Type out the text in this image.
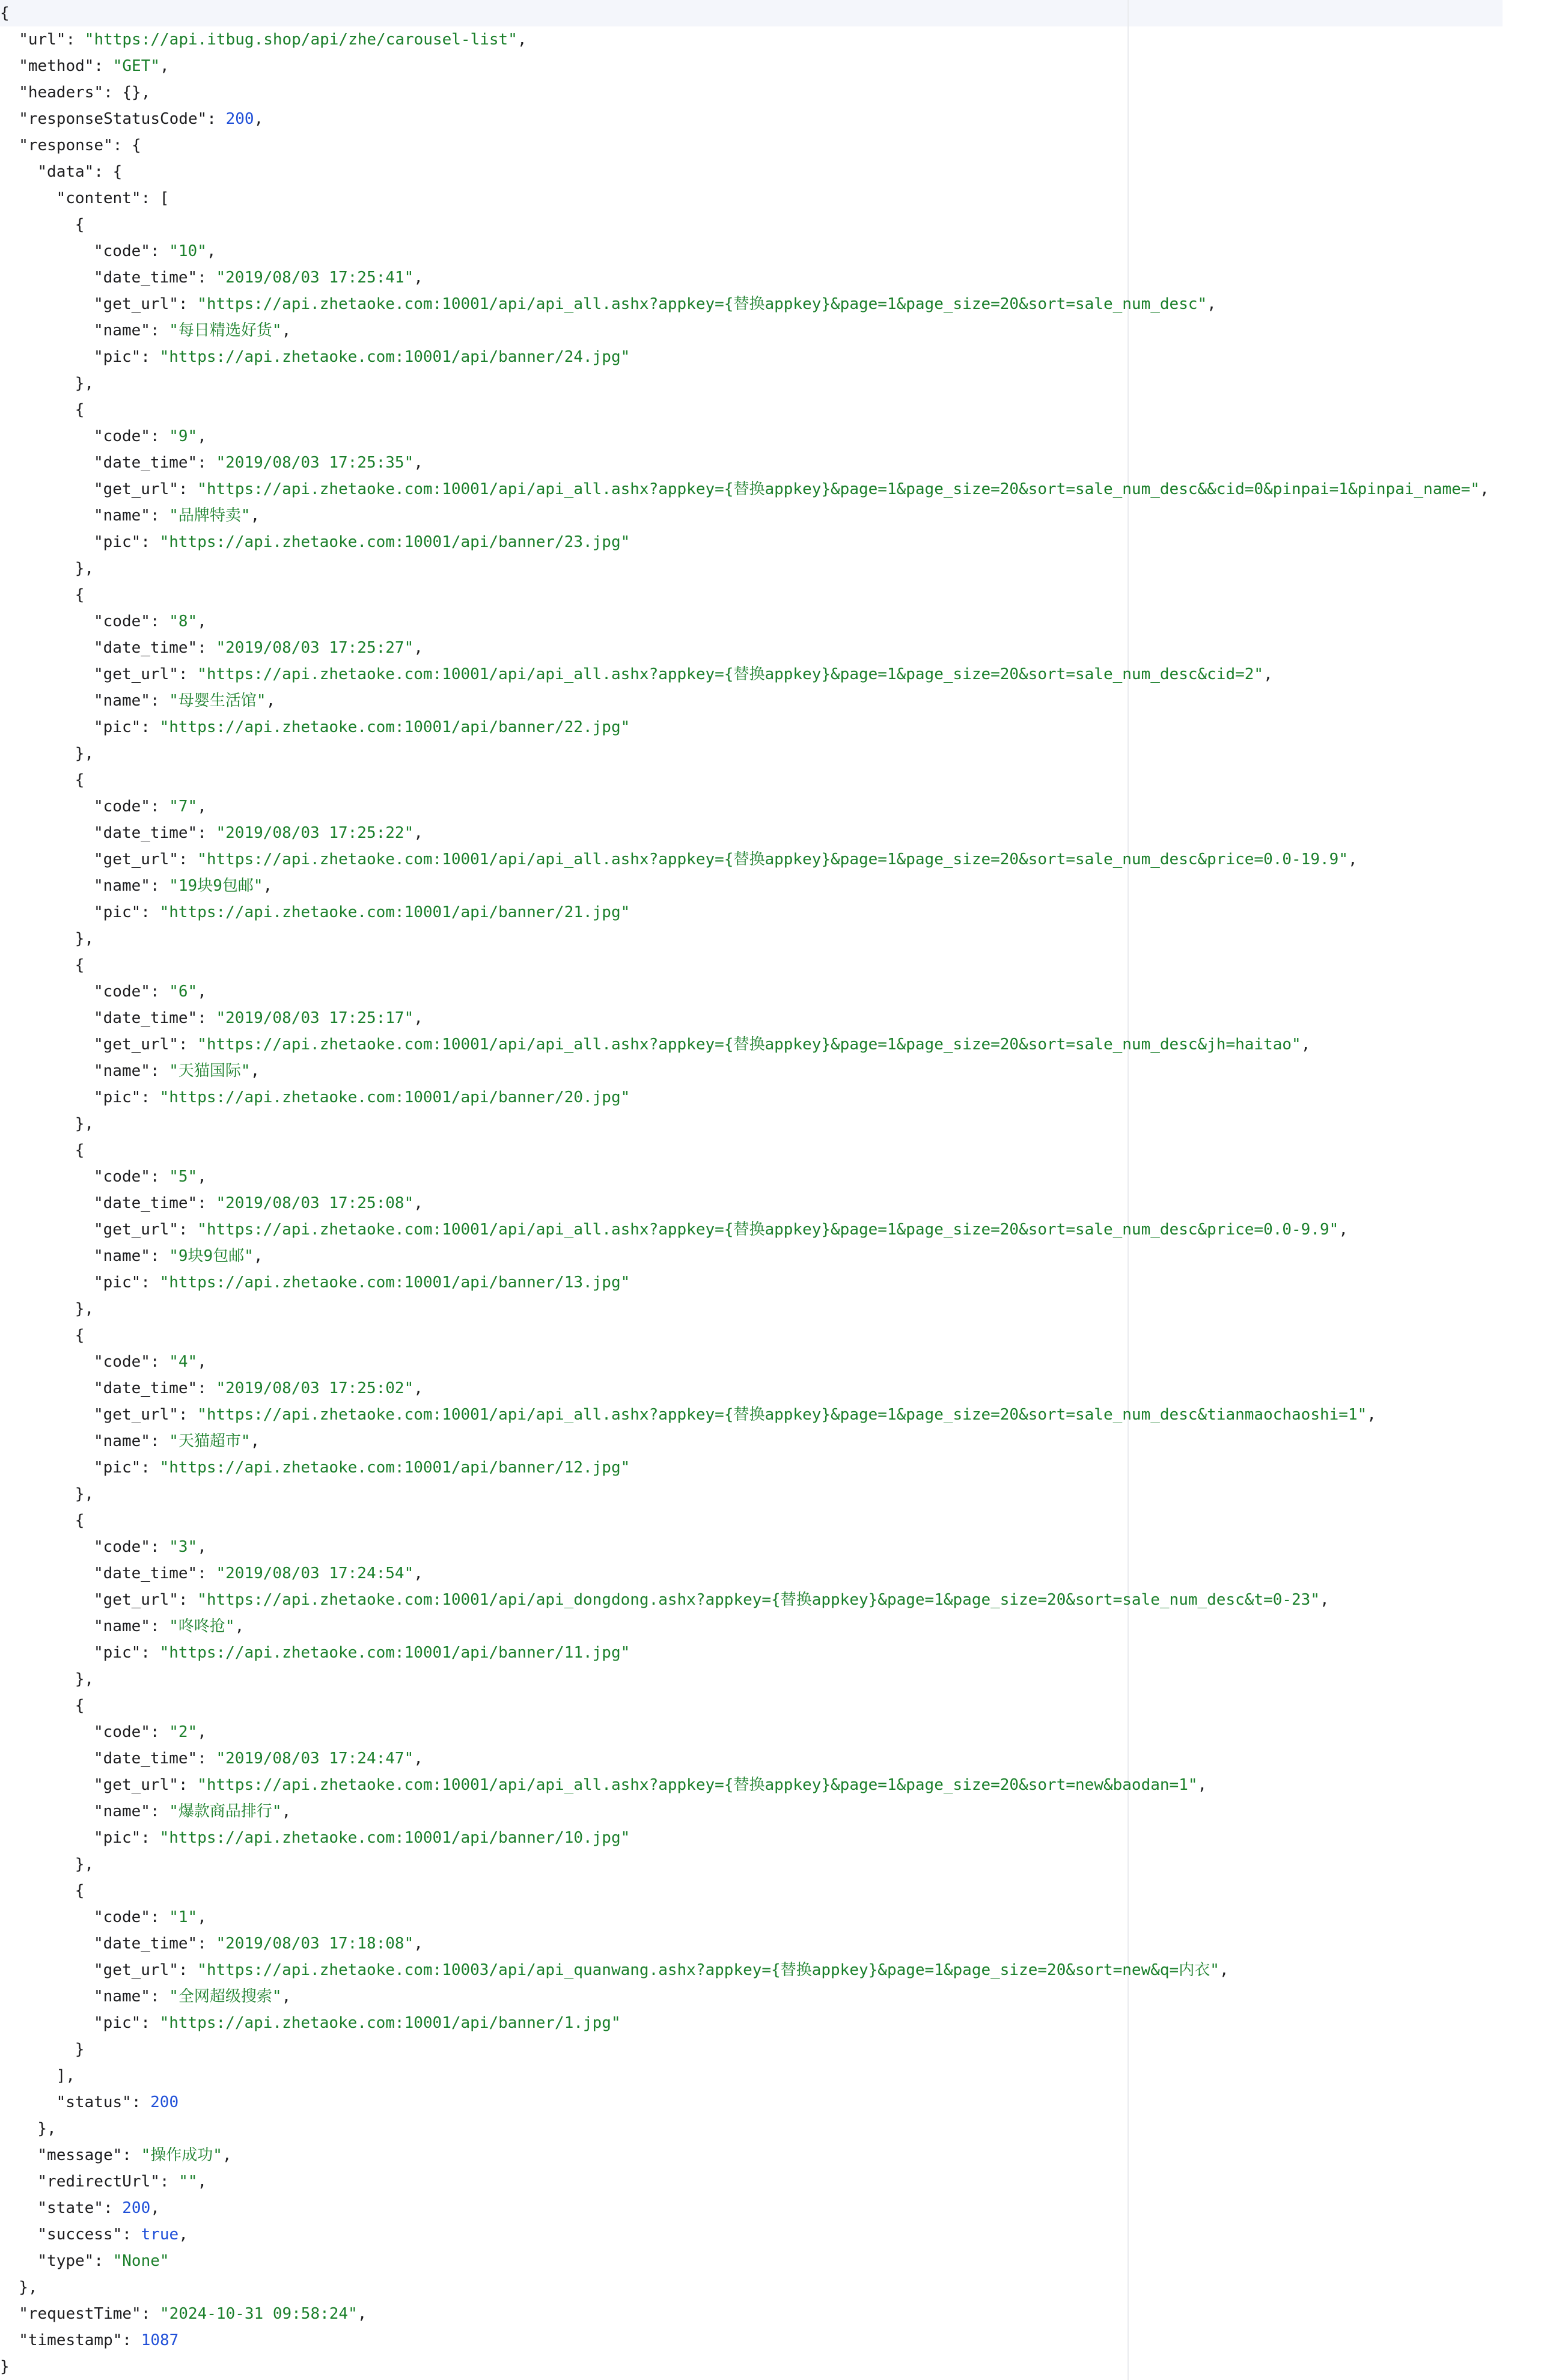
{
"url": "https://api.itbug.shop/api/zhe/carousel-list",
"method": "GET",
"headers": {},
"responseStatusCode": 200,
"response": {
"data": {
"content": [
{
"code": "10",
"date_time": "2019/08/03 17:25:41",
"get_url": "https://api.zhetaoke.com:10001/api/api_all.ashx?appkey={替换appkey}&page=1&page_size=20&sort=sale_num_desc",
"name": "每日精选好货",
"pic": "https://api.zhetaoke.com:10001/api/banner/24.jpg"
},
{
"code": "9",
"date_time": "2019/08/03 17:25:35",
"get_url": "https://api.zhetaoke.com:10001/api/api_all.ashx?appkey={替换appkey}&page=1&page_size=20&sort=sale_num_desc&&cid=0&pinpai=1&pinpai_name=",
"name": "品牌特卖",
"pic": "https://api.zhetaoke.com:10001/api/banner/23.jpg"
},
{
"code": "8",
"date_time": "2019/08/03 17:25:27",
"get_url": "https://api.zhetaoke.com:10001/api/api_all.ashx?appkey={替换appkey}&page=1&page_size=20&sort=sale_num_desc&cid=2",
"name": "母婴生活馆",
"pic": "https://api.zhetaoke.com:10001/api/banner/22.jpg"
},
{
"code": "7",
"date_time": "2019/08/03 17:25:22",
"get_url": "https://api.zhetaoke.com:10001/api/api_all.ashx?appkey={替换appkey}&page=1&page_size=20&sort=sale_num_desc&price=0.0-19.9",
"name": "19块9包邮",
"pic": "https://api.zhetaoke.com:10001/api/banner/21.jpg"
},
{
"code": "6",
"date_time": "2019/08/03 17:25:17",
"get_url": "https://api.zhetaoke.com:10001/api/api_all.ashx?appkey={替换appkey}&page=1&page_size=20&sort=sale_num_desc&jh=haitao",
"name": "天猫国际",
"pic": "https://api.zhetaoke.com:10001/api/banner/20.jpg"
},
{
"code": "5",
"date_time": "2019/08/03 17:25:08",
"get_url": "https://api.zhetaoke.com:10001/api/api_all.ashx?appkey={替换appkey}&page=1&page_size=20&sort=sale_num_desc&price=0.0-9.9",
"name": "9块9包邮",
"pic": "https://api.zhetaoke.com:10001/api/banner/13.jpg"
},
{
"code": "4",
"date_time": "2019/08/03 17:25:02",
"get_url": "https://api.zhetaoke.com:10001/api/api_all.ashx?appkey={替换appkey}&page=1&page_size=20&sort=sale_num_desc&tianmaochaoshi=1",
"name": "天猫超市",
"pic": "https://api.zhetaoke.com:10001/api/banner/12.jpg"
},
{
"code": "3",
"date_time": "2019/08/03 17:24:54",
"get_url": "https://api.zhetaoke.com:10001/api/api_dongdong.ashx?appkey={替换appkey}&page=1&page_size=20&sort=sale_num_desc&t=0-23",
"name": "咚咚抢",
"pic": "https://api.zhetaoke.com:10001/api/banner/11.jpg"
},
{
"code": "2",
"date_time": "2019/08/03 17:24:47",
"get_url": "https://api.zhetaoke.com:10001/api/api_all.ashx?appkey={替换appkey}&page=1&page_size=20&sort=new&baodan=1",
"name": "爆款商品排行",
"pic": "https://api.zhetaoke.com:10001/api/banner/10.jpg"
},
{
"code": "1",
"date_time": "2019/08/03 17:18:08",
"get_url": "https://api.zhetaoke.com:10003/api/api_quanwang.ashx?appkey={替换appkey}&page=1&page_size=20&sort=new&q=内衣",
"name": "全网超级搜索",
"pic": "https://api.zhetaoke.com:10001/api/banner/1.jpg"
}
],
"status": 200
},
"message": "操作成功",
"redirectUrl": "",
"state": 200,
"success": true,
"type": "None"
},
"requestTime": "2024-10-31 09:58:24",
"timestamp": 1087
}
